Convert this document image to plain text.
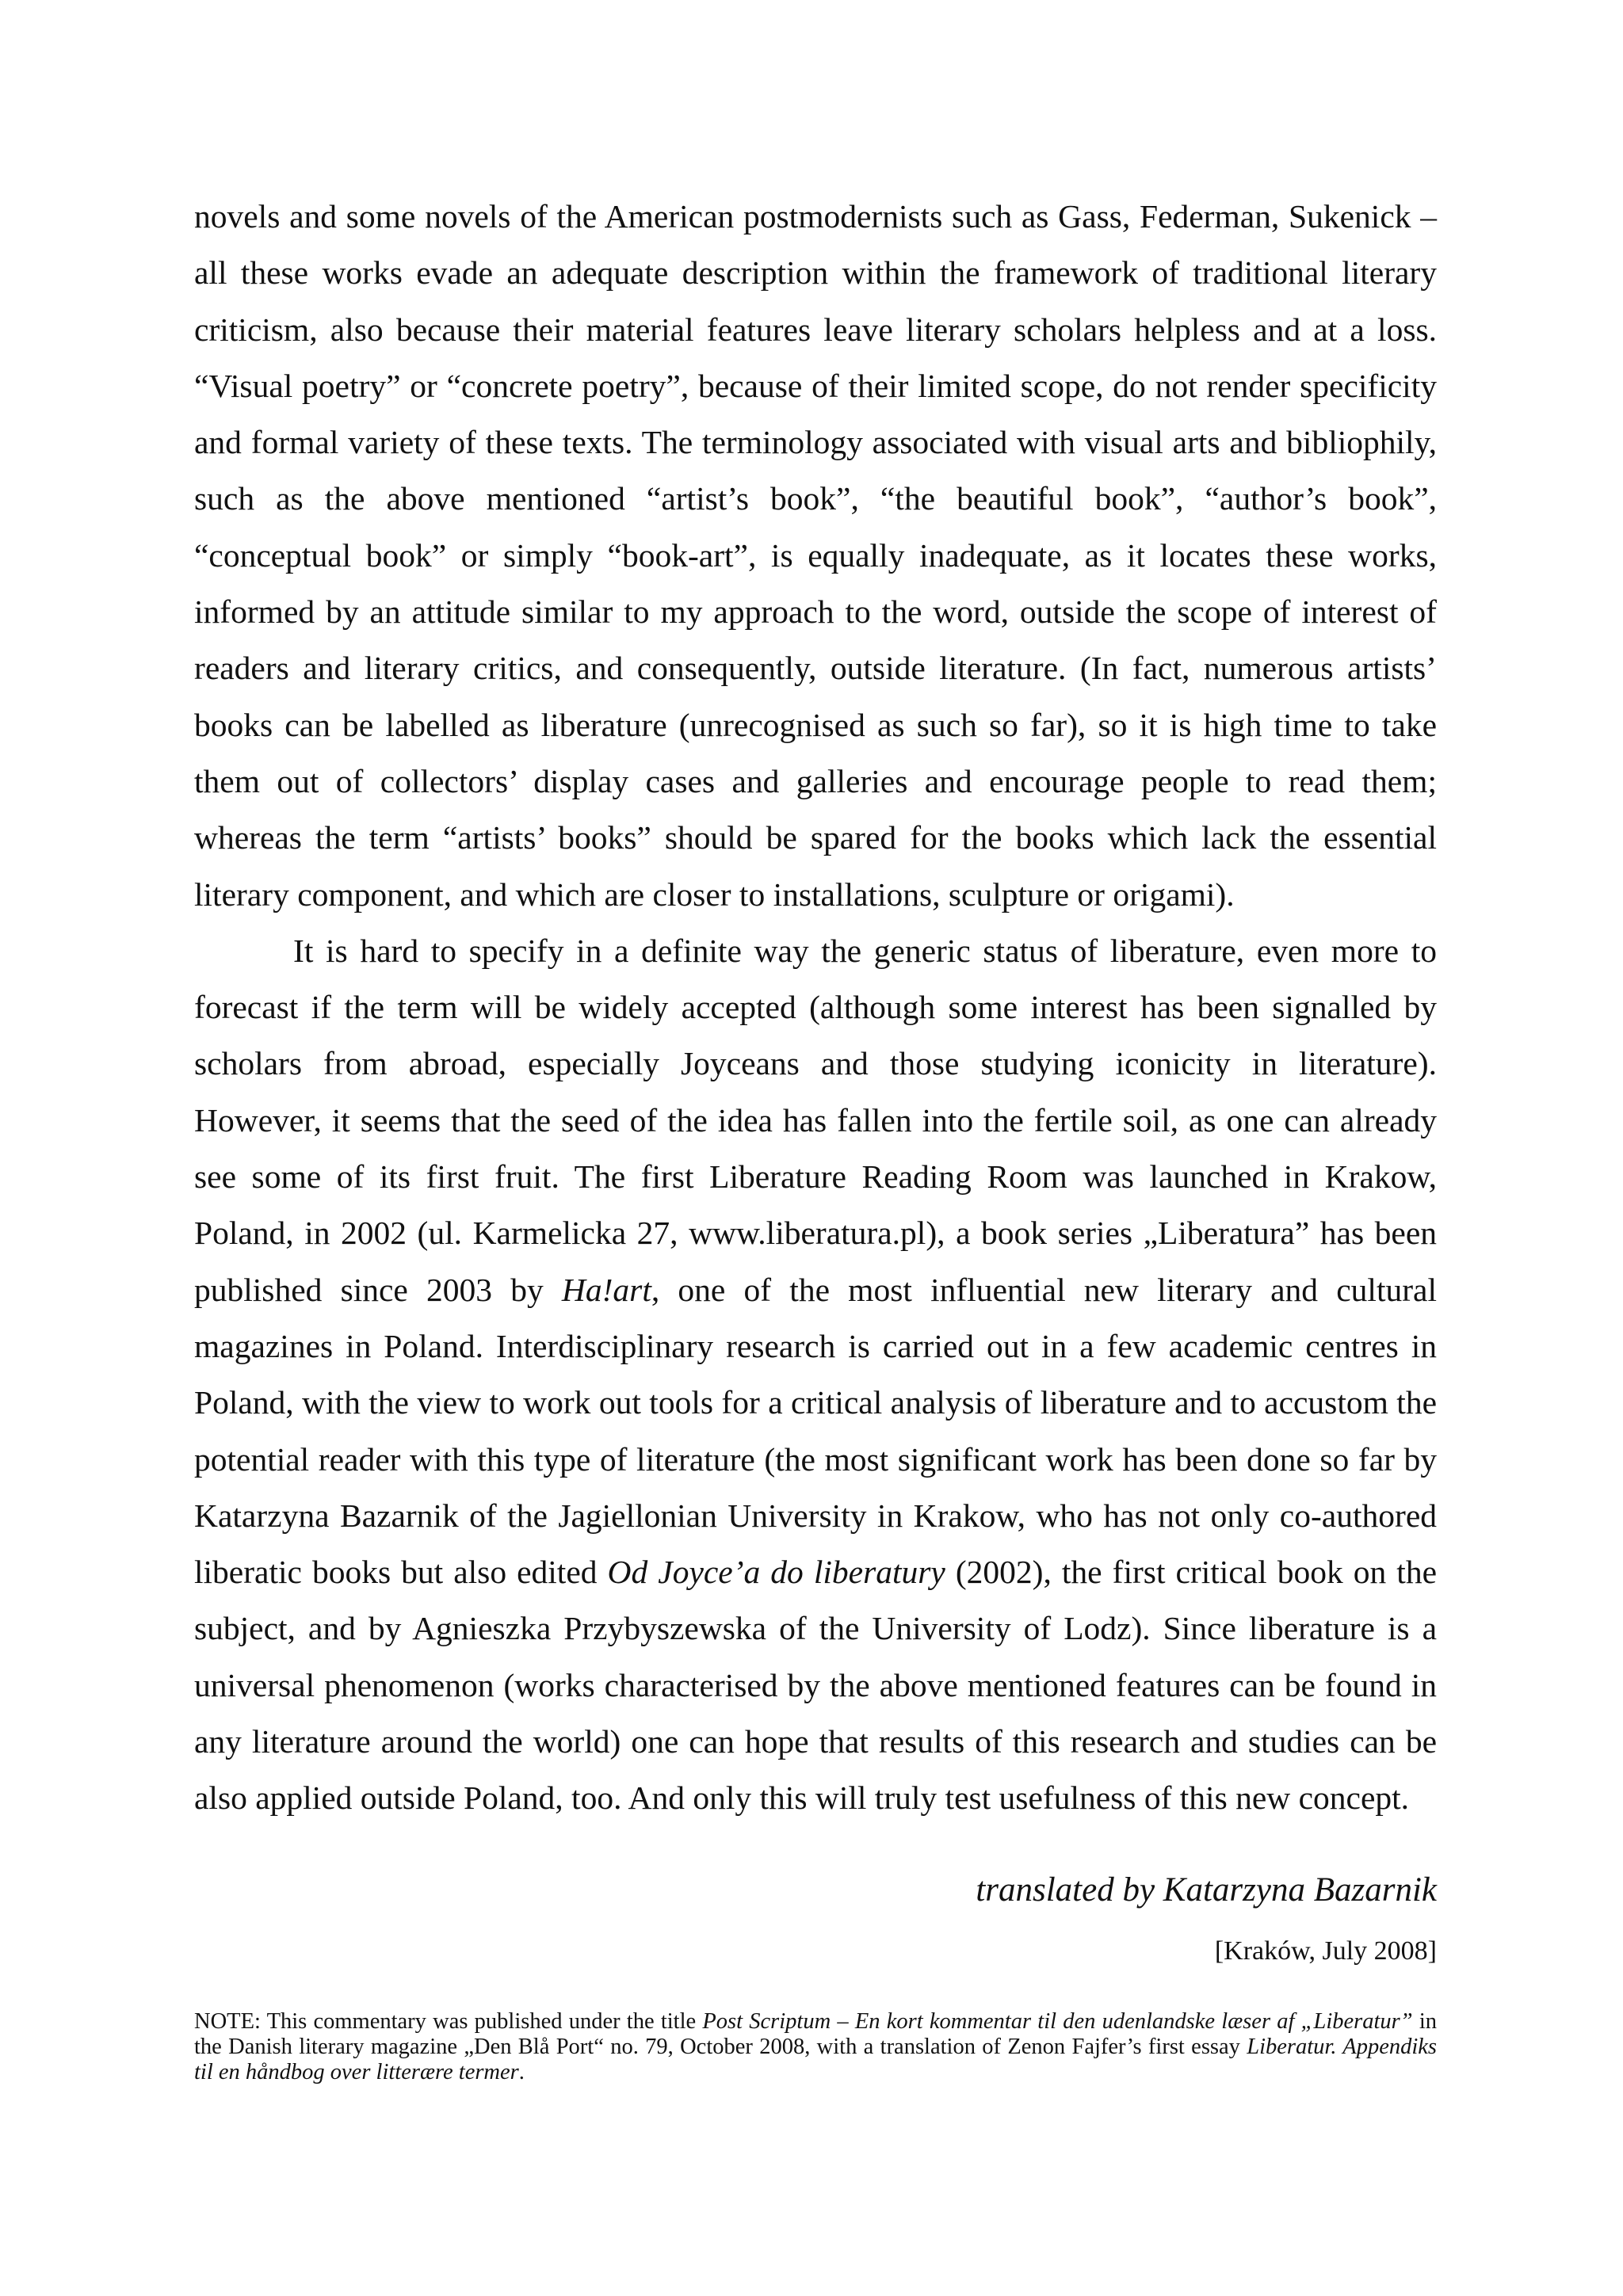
novels and some novels of the American postmodernists such as Gass, Federman, Sukenick – all these works evade an adequate description within the framework of traditional literary criticism, also because their material features leave literary scholars helpless and at a loss. “Visual poetry” or “concrete poetry”, because of their limited scope, do not render specificity and formal variety of these texts. The terminology associated with visual arts and bibliophily, such as the above mentioned “artist’s book”, “the beautiful book”, “author’s book”, “conceptual book” or simply “book-art”, is equally inadequate, as it locates these works, informed by an attitude similar to my approach to the word, outside the scope of interest of readers and literary critics, and consequently, outside literature. (In fact, numerous artists’ books can be labelled as liberature (unrecognised as such so far), so it is high time to take them out of collectors’ display cases and galleries and encourage people to read them; whereas the term “artists’ books” should be spared for the books which lack the essential literary component, and which are closer to installations, sculpture or origami).

It is hard to specify in a definite way the generic status of liberature, even more to forecast if the term will be widely accepted (although some interest has been signalled by scholars from abroad, especially Joyceans and those studying iconicity in literature). However, it seems that the seed of the idea has fallen into the fertile soil, as one can already see some of its first fruit. The first Liberature Reading Room was launched in Krakow, Poland, in 2002 (ul. Karmelicka 27, www.liberatura.pl), a book series „Liberatura” has been published since 2003 by Ha!art, one of the most influential new literary and cultural magazines in Poland. Interdisciplinary research is carried out in a few academic centres in Poland, with the view to work out tools for a critical analysis of liberature and to accustom the potential reader with this type of literature (the most significant work has been done so far by Katarzyna Bazarnik of the Jagiellonian University in Krakow, who has not only co-authored liberatic books but also edited Od Joyce’a do liberatury (2002), the first critical book on the subject, and by Agnieszka Przybyszewska of the University of Lodz). Since liberature is a universal phenomenon (works characterised by the above mentioned features can be found in any literature around the world) one can hope that results of this research and studies can be also applied outside Poland, too. And only this will truly test usefulness of this new concept.

translated by Katarzyna Bazarnik
[Kraków, July 2008]

NOTE: This commentary was published under the title Post Scriptum – En kort kommentar til den udenlandske læser af „Liberatur” in the Danish literary magazine „Den Blå Port“ no. 79, October 2008, with a translation of Zenon Fajfer’s first essay Liberatur. Appendiks til en håndbog over litterære termer.
